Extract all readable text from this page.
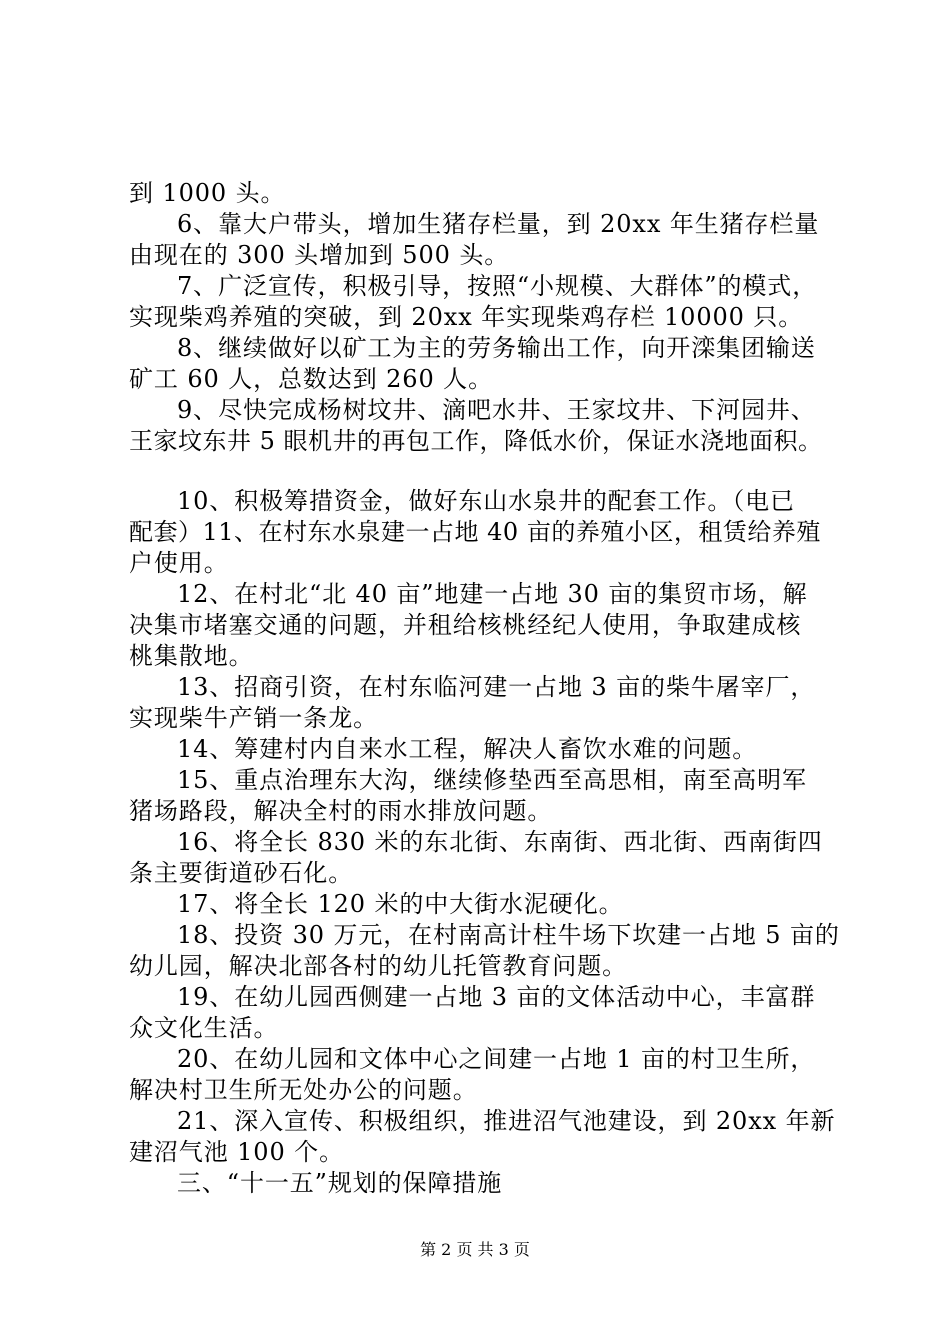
到 1000 头。
6、靠大户带头，增加生猪存栏量，到 20xx 年生猪存栏量
由现在的 300 头增加到 500 头。
7、广泛宣传，积极引导，按照“小规模、大群体”的模式，
实现柴鸡养殖的突破，到 20xx 年实现柴鸡存栏 10000 只。
8、继续做好以矿工为主的劳务输出工作，向开滦集团输送
矿工 60 人，总数达到 260 人。
9、尽快完成杨树坟井、滴吧水井、王家坟井、下河园井、
王家坟东井 5 眼机井的再包工作，降低水价，保证水浇地面积。
10、积极筹措资金，做好东山水泉井的配套工作。（电已
配套）11、在村东水泉建一占地 40 亩的养殖小区，租赁给养殖
户使用。
12、在村北“北 40 亩”地建一占地 30 亩的集贸市场，解
决集市堵塞交通的问题，并租给核桃经纪人使用，争取建成核
桃集散地。
13、招商引资，在村东临河建一占地 3 亩的柴牛屠宰厂，
实现柴牛产销一条龙。
14、筹建村内自来水工程，解决人畜饮水难的问题。
15、重点治理东大沟，继续修垫西至高思相，南至高明军
猪场路段，解决全村的雨水排放问题。
16、将全长 830 米的东北街、东南街、西北街、西南街四
条主要街道砂石化。
17、将全长 120 米的中大街水泥硬化。
18、投资 30 万元，在村南高计柱牛场下坎建一占地 5 亩的
幼儿园，解决北部各村的幼儿托管教育问题。
19、在幼儿园西侧建一占地 3 亩的文体活动中心，丰富群
众文化生活。
20、在幼儿园和文体中心之间建一占地 1 亩的村卫生所，
解决村卫生所无处办公的问题。
21、深入宣传、积极组织，推进沼气池建设，到 20xx 年新
建沼气池 100 个。
三、“十一五”规划的保障措施
第 2 页 共 3 页
